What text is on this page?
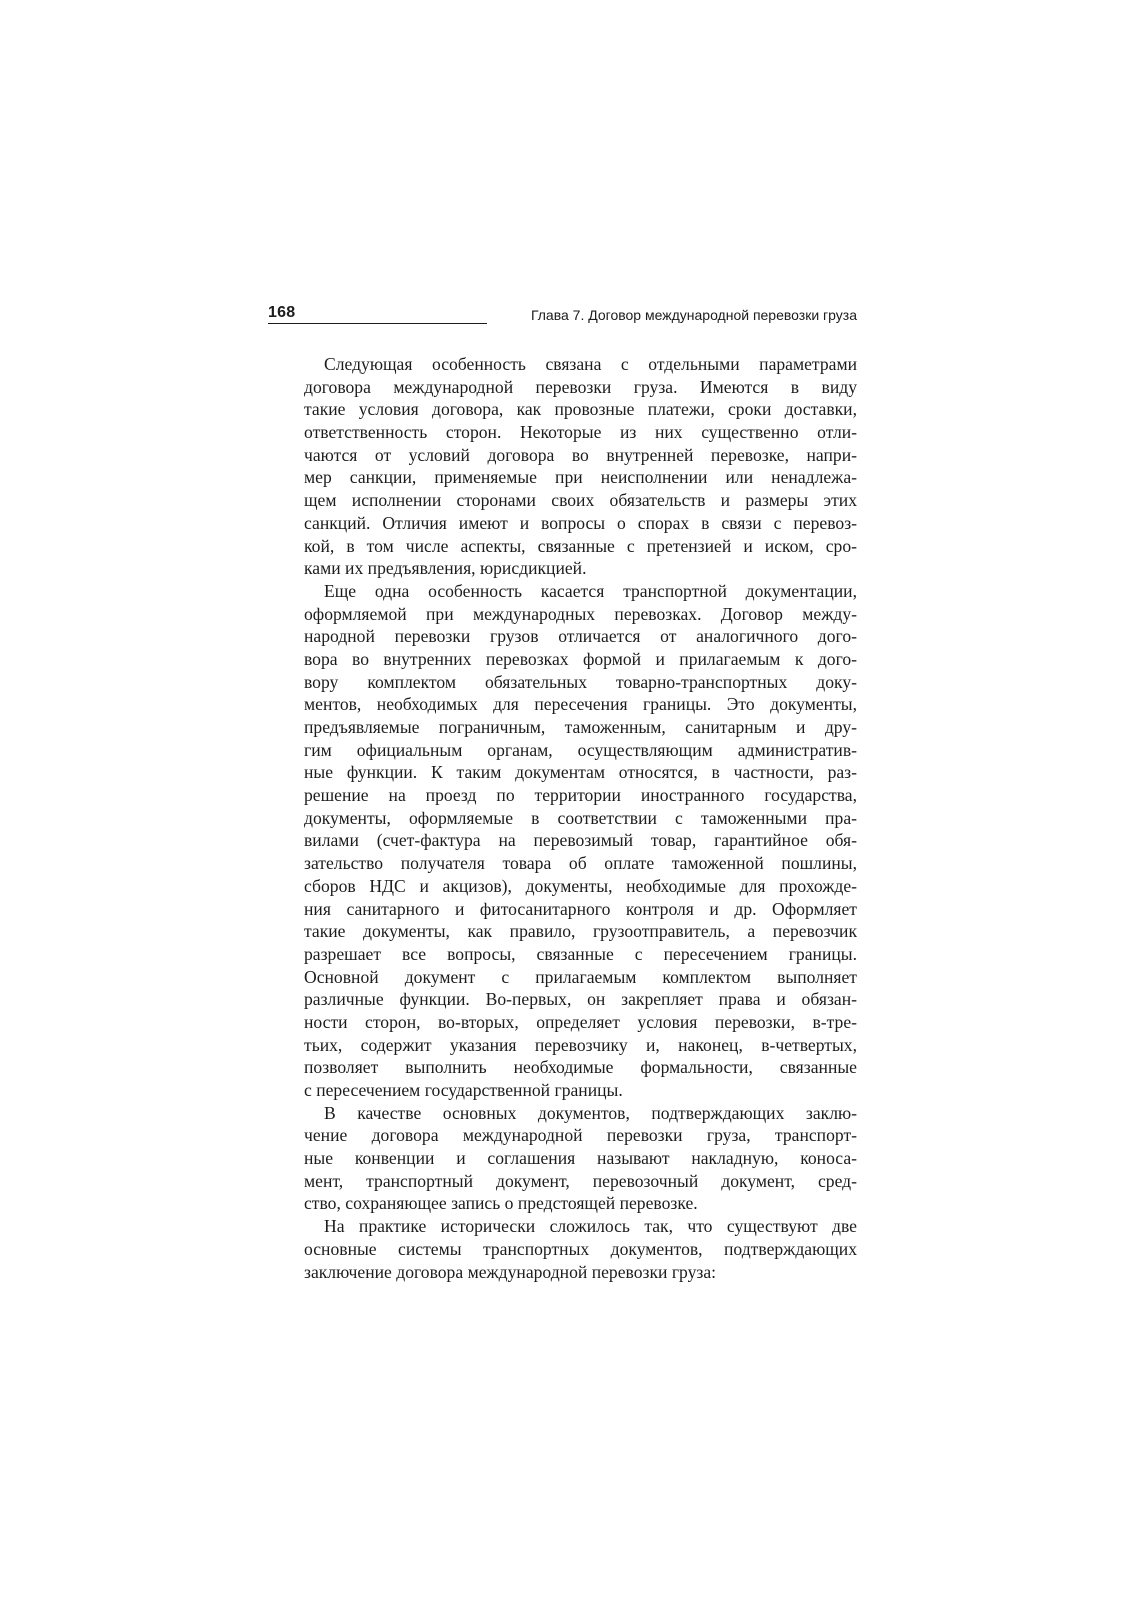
168	Глава 7. Договор международной перевозки груза
Следующая особенность связана с отдельными параметрами
договора международной перевозки груза. Имеются в виду
такие условия договора, как провозные платежи, сроки доставки,
ответственность сторон. Некоторые из них существенно отли-
чаются от условий договора во внутренней перевозке, напри-
мер санкции, применяемые при неисполнении или ненадлежа-
щем исполнении сторонами своих обязательств и размеры этих
санкций. Отличия имеют и вопросы о спорах в связи с перевоз-
кой, в том числе аспекты, связанные с претензией и иском, сро-
ками их предъявления, юрисдикцией.
Еще одна особенность касается транспортной документации,
оформляемой при международных перевозках. Договор между-
народной перевозки грузов отличается от аналогичного дого-
вора во внутренних перевозках формой и прилагаемым к дого-
вору комплектом обязательных товарно-транспортных доку-
ментов, необходимых для пересечения границы. Это документы,
предъявляемые пограничным, таможенным, санитарным и дру-
гим официальным органам, осуществляющим административ-
ные функции. К таким документам относятся, в частности, раз-
решение на проезд по территории иностранного государства,
документы, оформляемые в соответствии с таможенными пра-
вилами (счет-фактура на перевозимый товар, гарантийное обя-
зательство получателя товара об оплате таможенной пошлины,
сборов НДС и акцизов), документы, необходимые для прохожде-
ния санитарного и фитосанитарного контроля и др. Оформляет
такие документы, как правило, грузоотправитель, а перевозчик
разрешает все вопросы, связанные с пересечением границы.
Основной документ с прилагаемым комплектом выполняет
различные функции. Во-первых, он закрепляет права и обязан-
ности сторон, во-вторых, определяет условия перевозки, в-тре-
тьих, содержит указания перевозчику и, наконец, в-четвертых,
позволяет выполнить необходимые формальности, связанные
с пересечением государственной границы.
В качестве основных документов, подтверждающих заклю-
чение договора международной перевозки груза, транспорт-
ные конвенции и соглашения называют накладную, коноса-
мент, транспортный документ, перевозочный документ, сред-
ство, сохраняющее запись о предстоящей перевозке.
На практике исторически сложилось так, что существуют две
основные системы транспортных документов, подтверждающих
заключение договора международной перевозки груза:
